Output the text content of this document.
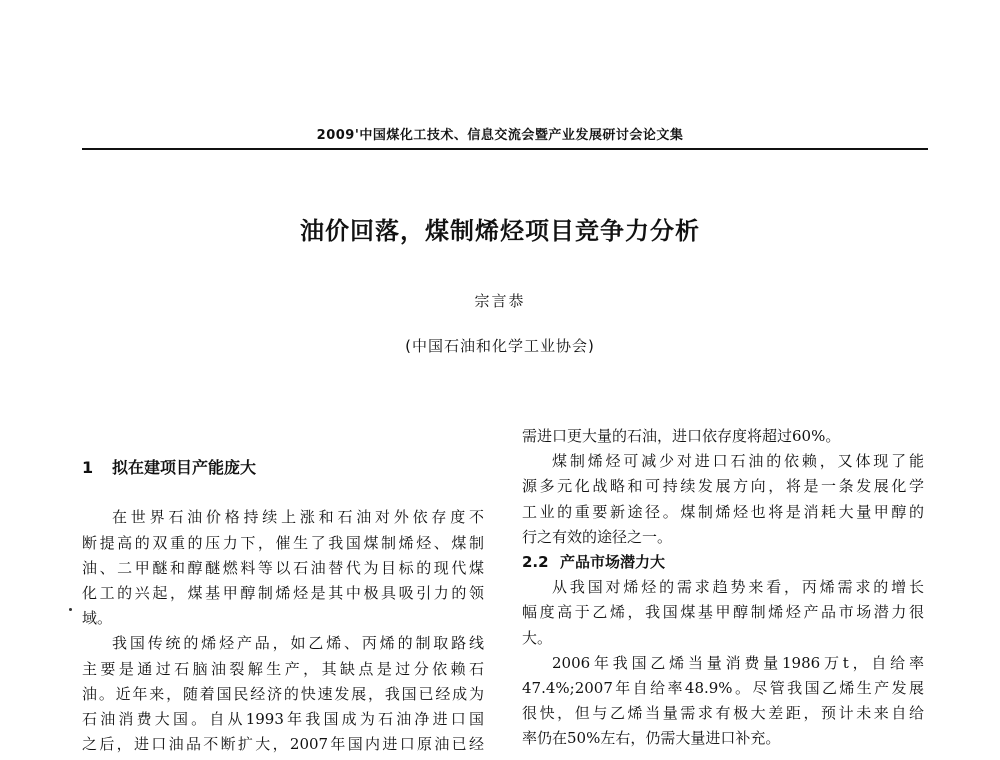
2009'中国煤化工技术、信息交流会暨产业发展研讨会论文集
油价回落，煤制烯烃项目竞争力分析
宗言恭
(中国石油和化学工业协会)
1 拟在建项目产能庞大
在世界石油价格持续上涨和石油对外依存度不
断提高的双重的压力下，催生了我国煤制烯烃、煤制
油、二甲醚和醇醚燃料等以石油替代为目标的现代煤
化工的兴起，煤基甲醇制烯烃是其中极具吸引力的领
域。
我国传统的烯烃产品，如乙烯、丙烯的制取路线
主要是通过石脑油裂解生产，其缺点是过分依赖石
油。近年来，随着国民经济的快速发展，我国已经成为
石油消费大国。自从1993年我国成为石油净进口国
之后，进口油品不断扩大，2007年国内进口原油已经
需进口更大量的石油，进口依存度将超过60%。
煤制烯烃可减少对进口石油的依赖，又体现了能
源多元化战略和可持续发展方向，将是一条发展化学
工业的重要新途径。煤制烯烃也将是消耗大量甲醇的
行之有效的途径之一。
2.2 产品市场潜力大
从我国对烯烃的需求趋势来看，丙烯需求的增长
幅度高于乙烯，我国煤基甲醇制烯烃产品市场潜力很
大。
2006年我国乙烯当量消费量1986万t，自给率
47.4%;2007年自给率48.9%。尽管我国乙烯生产发展
很快，但与乙烯当量需求有极大差距，预计未来自给
率仍在50%左右，仍需大量进口补充。
